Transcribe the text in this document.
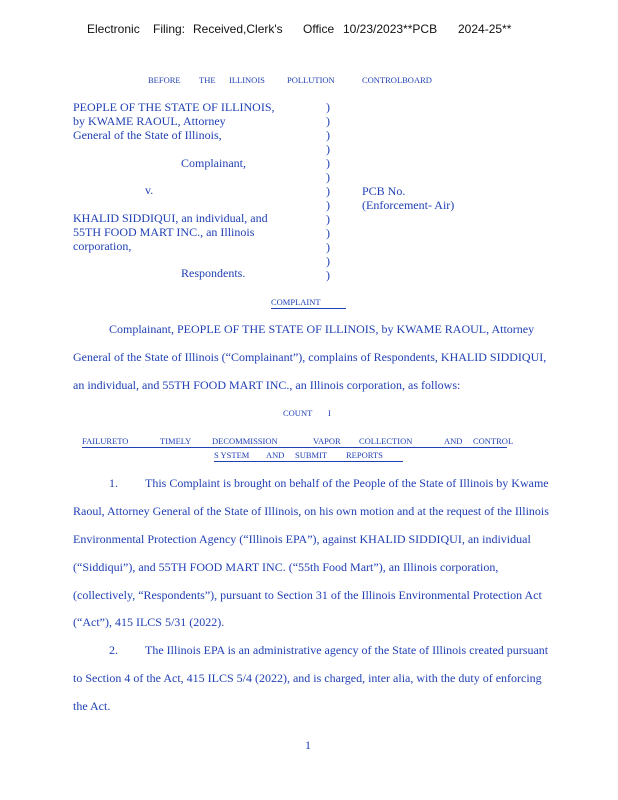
Electronic Filing: Received,Clerk's Office 10/23/2023**PCB 2024-25**
BEFORE THE ILLINOIS	POLLUTION	CONTROLBOARD
PEOPLE OF THE STATE OF ILLINOIS,
by KWAME RAOUL, Attorney
General of the State of Illinois,
Complainant,
v.
KHALID SIDDIQUI, an individual, and
55TH FOOD MART INC., an Illinois
corporation,
Respondents.
)
)
)
)
)
)
)
)
)
)
)
)
)
PCB No.
(Enforcement- Air)
COMPLAINT
Complainant, PEOPLE OF THE STATE OF ILLINOIS, by KWAME RAOUL, Attorney
General of the State of Illinois (“Complainant”), complains of Respondents, KHALID SIDDIQUI,
an individual, and 55TH FOOD MART INC., an Illinois corporation, as follows:
COUNT I
FAILURETO	TIMELY DECOMMISSION	VAPOR COLLECTION	AND CONTROL
S YSTEM AND SUBMIT REPORTS
1. This Complaint is brought on behalf of the People of the State of Illinois by Kwame
Raoul, Attorney General of the State of Illinois, on his own motion and at the request of the Illinois
Environmental Protection Agency (“Illinois EPA”), against KHALID SIDDIQUI, an individual
(“Siddiqui”), and 55TH FOOD MART INC. (“55th Food Mart”), an Illinois corporation,
(collectively, “Respondents”), pursuant to Section 31 of the Illinois Environmental Protection Act
(“Act”), 415 ILCS 5/31 (2022).
2. The Illinois EPA is an administrative agency of the State of Illinois created pursuant
to Section 4 of the Act, 415 ILCS 5/4 (2022), and is charged, inter alia, with the duty of enforcing
the Act.
1
